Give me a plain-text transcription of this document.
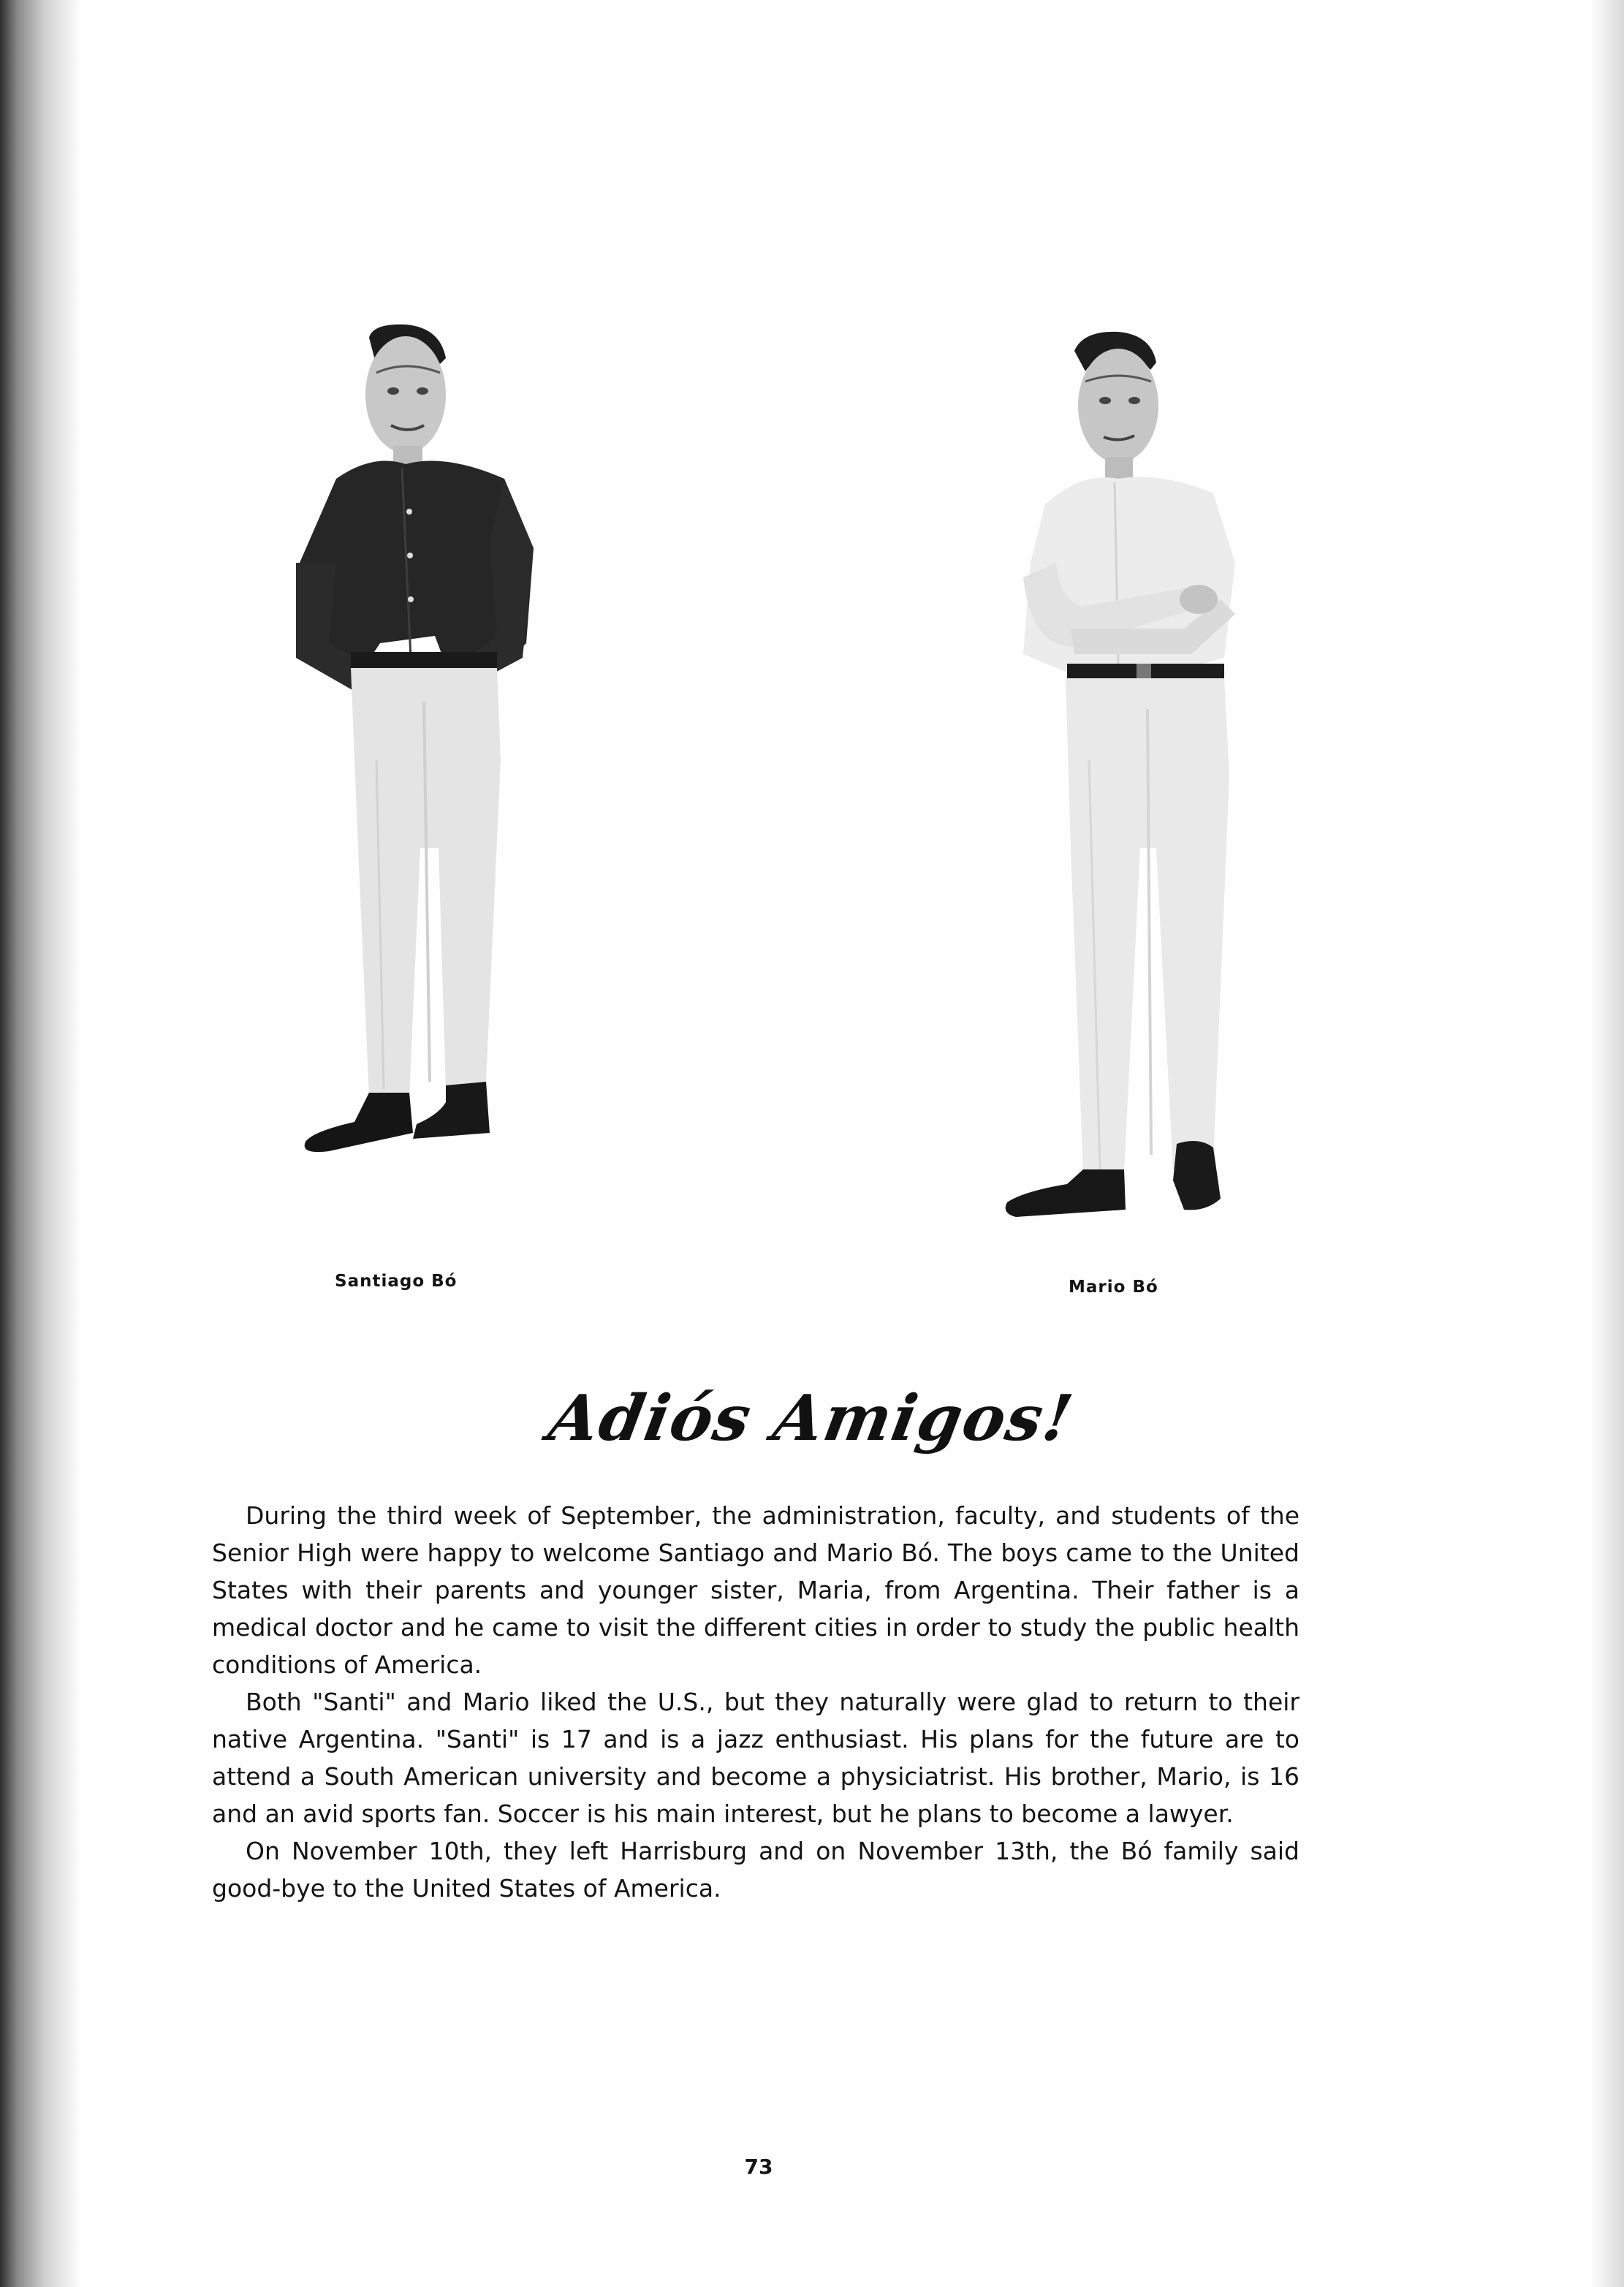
Santiago Bó	Mario Bó
Adiós Amigos!

During the third week of September, the administration, faculty, and students of the Senior High were happy to welcome Santiago and Mario Bó. The boys came to the United States with their parents and younger sister, Maria, from Argentina. Their father is a medical doctor and he came to visit the different cities in order to study the public health conditions of America.

Both "Santi" and Mario liked the U.S., but they naturally were glad to return to their native Argentina. "Santi" is 17 and is a jazz enthusiast. His plans for the future are to attend a South American university and become a physiciatrist. His brother, Mario, is 16 and an avid sports fan. Soccer is his main interest, but he plans to become a lawyer.

On November 10th, they left Harrisburg and on November 13th, the Bó family said good-bye to the United States of America.

73
